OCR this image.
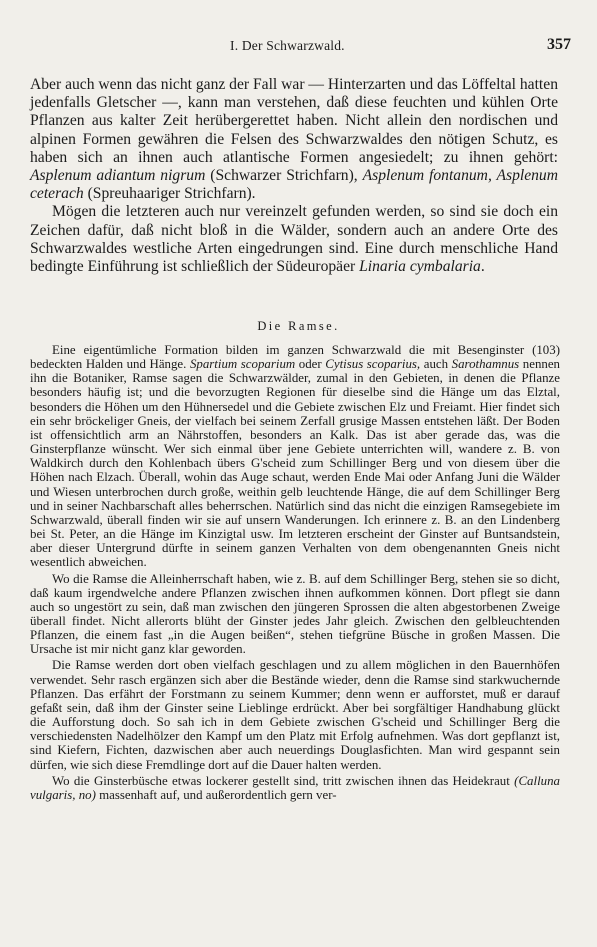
I. Der Schwarzwald.	357

Aber auch wenn das nicht ganz der Fall war — Hinterzarten und das Löffeltal hatten jedenfalls Gletscher —, kann man verstehen, daß diese feuchten und kühlen Orte Pflanzen aus kalter Zeit herübergerettet haben. Nicht allein den nordischen und alpinen Formen gewähren die Felsen des Schwarzwaldes den nötigen Schutz, es haben sich an ihnen auch atlantische Formen angesiedelt; zu ihnen gehört: Asplenum adiantum nigrum (Schwarzer Strichfarn), Asplenum fontanum, Asplenum ceterach (Spreuhaariger Strichfarn).

Mögen die letzteren auch nur vereinzelt gefunden werden, so sind sie doch ein Zeichen dafür, daß nicht bloß in die Wälder, sondern auch an andere Orte des Schwarzwaldes westliche Arten eingedrungen sind. Eine durch menschliche Hand bedingte Einführung ist schließlich der Südeuropäer Linaria cymbalaria.

Die Ramse.

Eine eigentümliche Formation bilden im ganzen Schwarzwald die mit Besenginster (103) bedeckten Halden und Hänge. Spartium scoparium oder Cytisus scoparius, auch Sarothamnus nennen ihn die Botaniker, Ramse sagen die Schwarzwälder, zumal in den Gebieten, in denen die Pflanze besonders häufig ist; und die bevorzugten Regionen für dieselbe sind die Hänge um das Elztal, besonders die Höhen um den Hühnersedel und die Gebiete zwischen Elz und Freiamt. Hier findet sich ein sehr bröckeliger Gneis, der vielfach bei seinem Zerfall grusige Massen entstehen läßt. Der Boden ist offensichtlich arm an Nährstoffen, besonders an Kalk. Das ist aber gerade das, was die Ginsterpflanze wünscht. Wer sich einmal über jene Gebiete unterrichten will, wandere z. B. von Waldkirch durch den Kohlenbach übers G'scheid zum Schillinger Berg und von diesem über die Höhen nach Elzach. Überall, wohin das Auge schaut, werden Ende Mai oder Anfang Juni die Wälder und Wiesen unterbrochen durch große, weithin gelb leuchtende Hänge, die auf dem Schillinger Berg und in seiner Nachbarschaft alles beherrschen. Natürlich sind das nicht die einzigen Ramsegebiete im Schwarzwald, überall finden wir sie auf unsern Wanderungen. Ich erinnere z. B. an den Lindenberg bei St. Peter, an die Hänge im Kinzigtal usw. Im letzteren erscheint der Ginster auf Buntsandstein, aber dieser Untergrund dürfte in seinem ganzen Verhalten von dem obengenannten Gneis nicht wesentlich abweichen.

Wo die Ramse die Alleinherrschaft haben, wie z. B. auf dem Schillinger Berg, stehen sie so dicht, daß kaum irgendwelche andere Pflanzen zwischen ihnen aufkommen können. Dort pflegt sie dann auch so ungestört zu sein, daß man zwischen den jüngeren Sprossen die alten abgestorbenen Zweige überall findet. Nicht allerorts blüht der Ginster jedes Jahr gleich. Zwischen den gelbleuchtenden Pflanzen, die einem fast „in die Augen beißen“, stehen tiefgrüne Büsche in großen Massen. Die Ursache ist mir nicht ganz klar geworden.

Die Ramse werden dort oben vielfach geschlagen und zu allem möglichen in den Bauernhöfen verwendet. Sehr rasch ergänzen sich aber die Bestände wieder, denn die Ramse sind starkwuchernde Pflanzen. Das erfährt der Forstmann zu seinem Kummer; denn wenn er aufforstet, muß er darauf gefaßt sein, daß ihm der Ginster seine Lieblinge erdrückt. Aber bei sorgfältiger Handhabung glückt die Aufforstung doch. So sah ich in dem Gebiete zwischen G'scheid und Schillinger Berg die verschiedensten Nadelhölzer den Kampf um den Platz mit Erfolg aufnehmen. Was dort gepflanzt ist, sind Kiefern, Fichten, dazwischen aber auch neuerdings Douglasfichten. Man wird gespannt sein dürfen, wie sich diese Fremdlinge dort auf die Dauer halten werden.

Wo die Ginsterbüsche etwas lockerer gestellt sind, tritt zwischen ihnen das Heidekraut (Calluna vulgaris, no) massenhaft auf, und außerordentlich gern ver-
